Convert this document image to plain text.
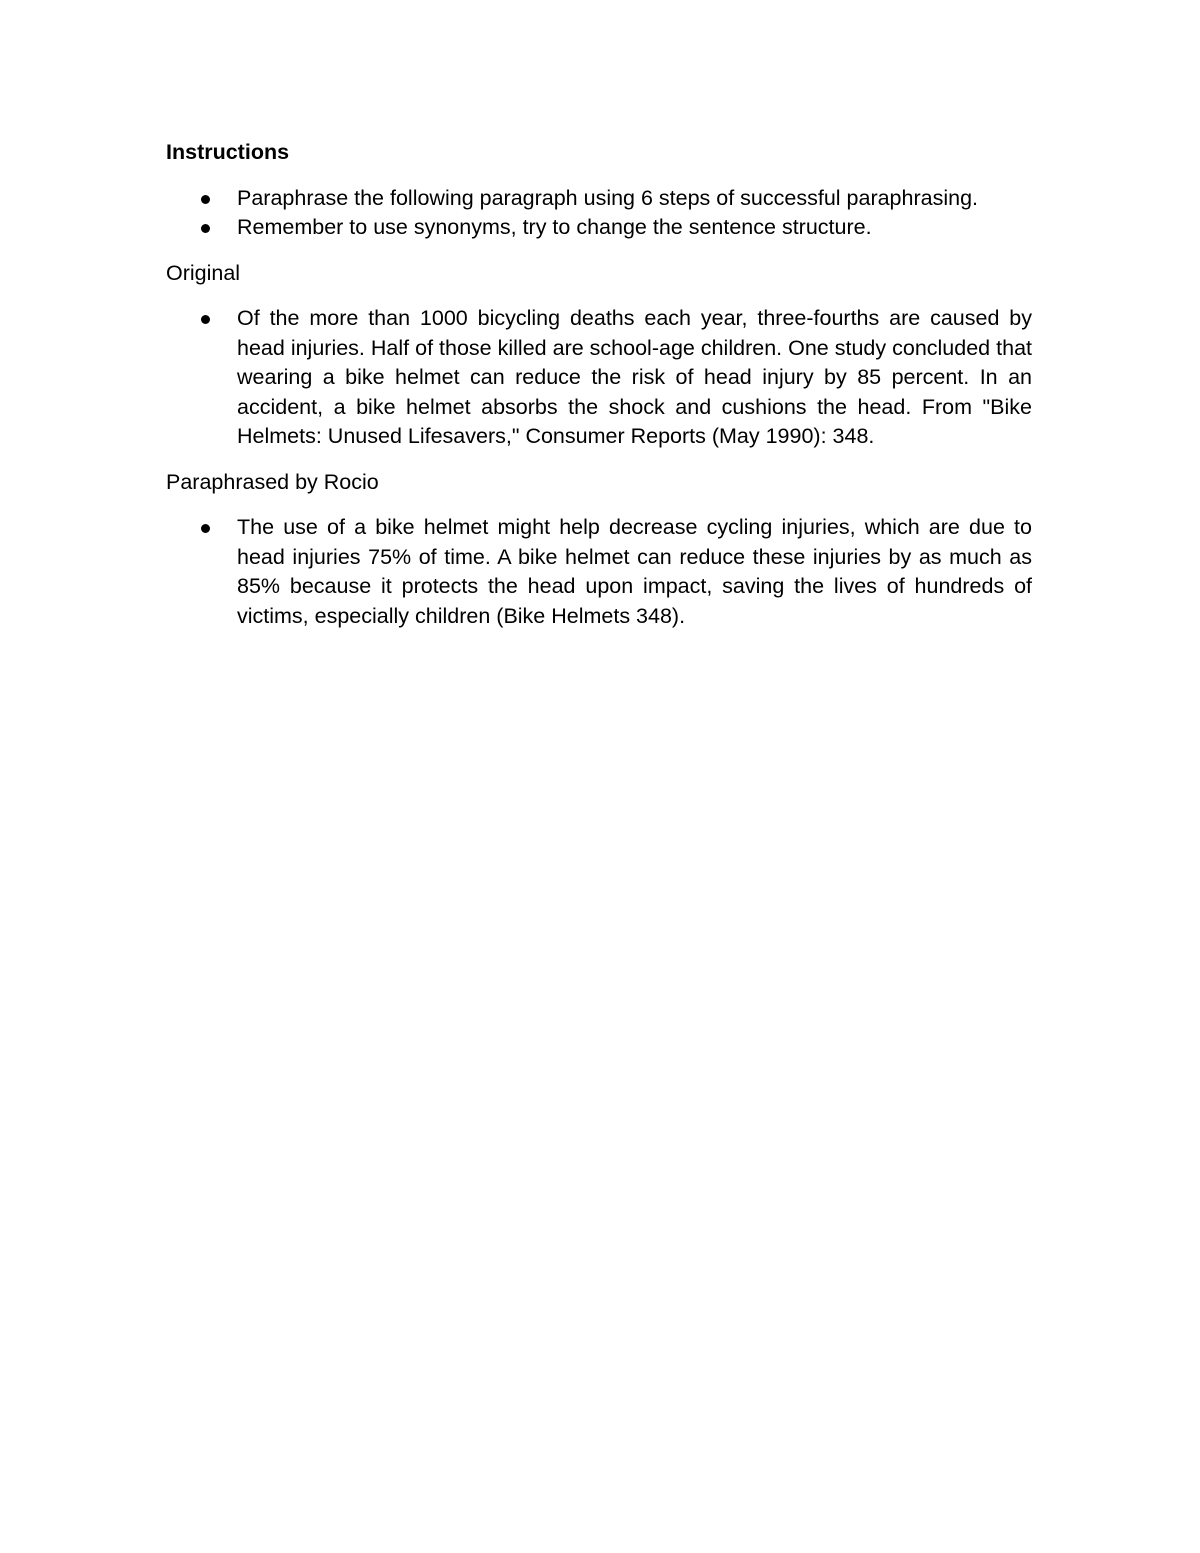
Instructions
Paraphrase the following paragraph using 6 steps of successful paraphrasing.
Remember to use synonyms, try to change the sentence structure.
Original
Of the more than 1000 bicycling deaths each year, three-fourths are caused by head injuries. Half of those killed are school-age children. One study concluded that wearing a bike helmet can reduce the risk of head injury by 85 percent. In an accident, a bike helmet absorbs the shock and cushions the head. From "Bike Helmets: Unused Lifesavers," Consumer Reports (May 1990): 348.
Paraphrased by Rocio
The use of a bike helmet might help decrease cycling injuries, which are due to head injuries 75% of time. A bike helmet can reduce these injuries by as much as 85% because it protects the head upon impact, saving the lives of hundreds of victims, especially children (Bike Helmets 348).
